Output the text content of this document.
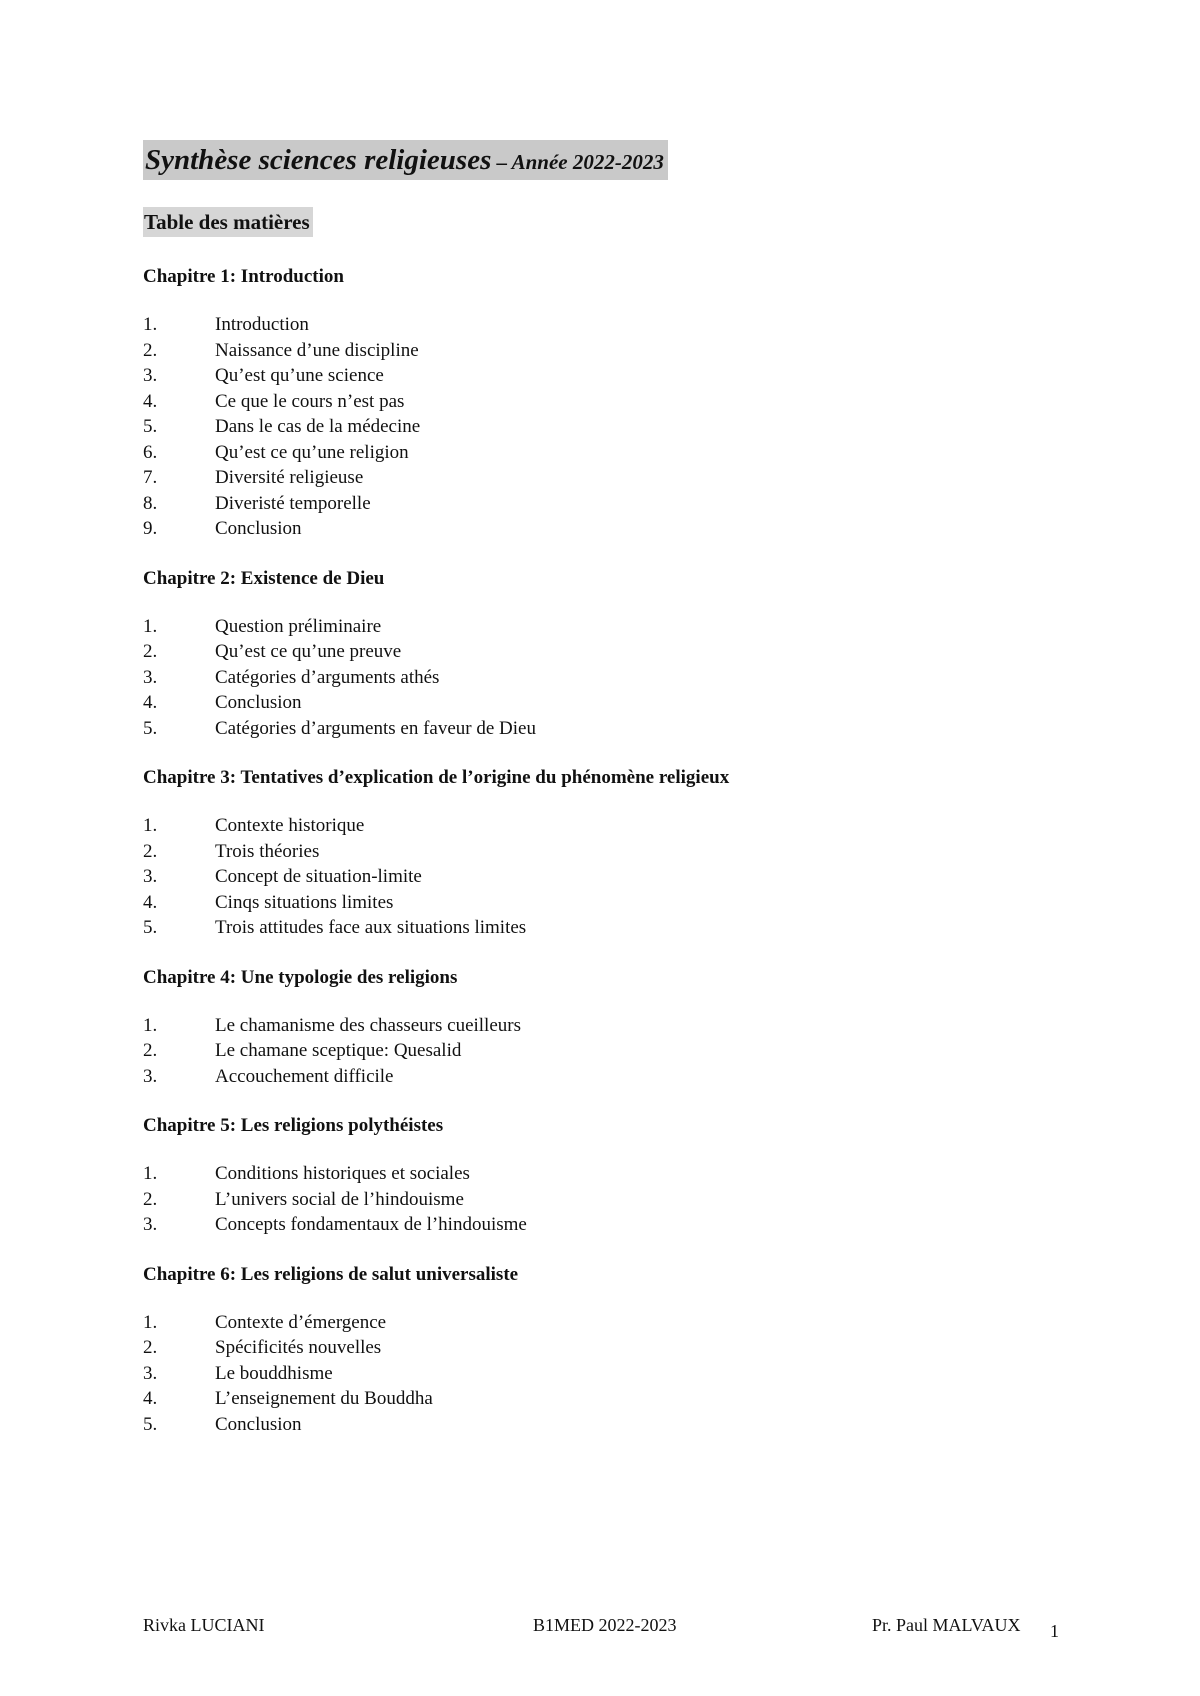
Synthèse sciences religieuses – Année 2022-2023
Table des matières
Chapitre 1: Introduction
1.	Introduction
2.	Naissance d’une discipline
3.	Qu’est qu’une science
4.	Ce que le cours n’est pas
5.	Dans le cas de la médecine
6.	Qu’est ce qu’une religion
7.	Diversité religieuse
8.	Diveristé temporelle
9.	Conclusion
Chapitre 2: Existence de Dieu
1.	Question préliminaire
2.	Qu’est ce qu’une preuve
3.	Catégories d’arguments athés
4.	Conclusion
5.	Catégories d’arguments en faveur de Dieu
Chapitre 3: Tentatives d’explication de l’origine du phénomène religieux
1.	Contexte historique
2.	Trois théories
3.	Concept de situation-limite
4.	Cinqs situations limites
5.	Trois attitudes face aux situations limites
Chapitre 4: Une typologie des religions
1.	Le chamanisme des chasseurs cueilleurs
2.	Le chamane sceptique: Quesalid
3.	Accouchement difficile
Chapitre 5: Les religions polythéistes
1.	Conditions historiques et sociales
2.	L’univers social de l’hindouisme
3.	Concepts fondamentaux de l’hindouisme
Chapitre 6: Les religions de salut universaliste
1.	Contexte d’émergence
2.	Spécificités nouvelles
3.	Le bouddhisme
4.	L’enseignement du Bouddha
5.	Conclusion
Rivka LUCIANI	B1MED 2022-2023	Pr. Paul MALVAUX 1
